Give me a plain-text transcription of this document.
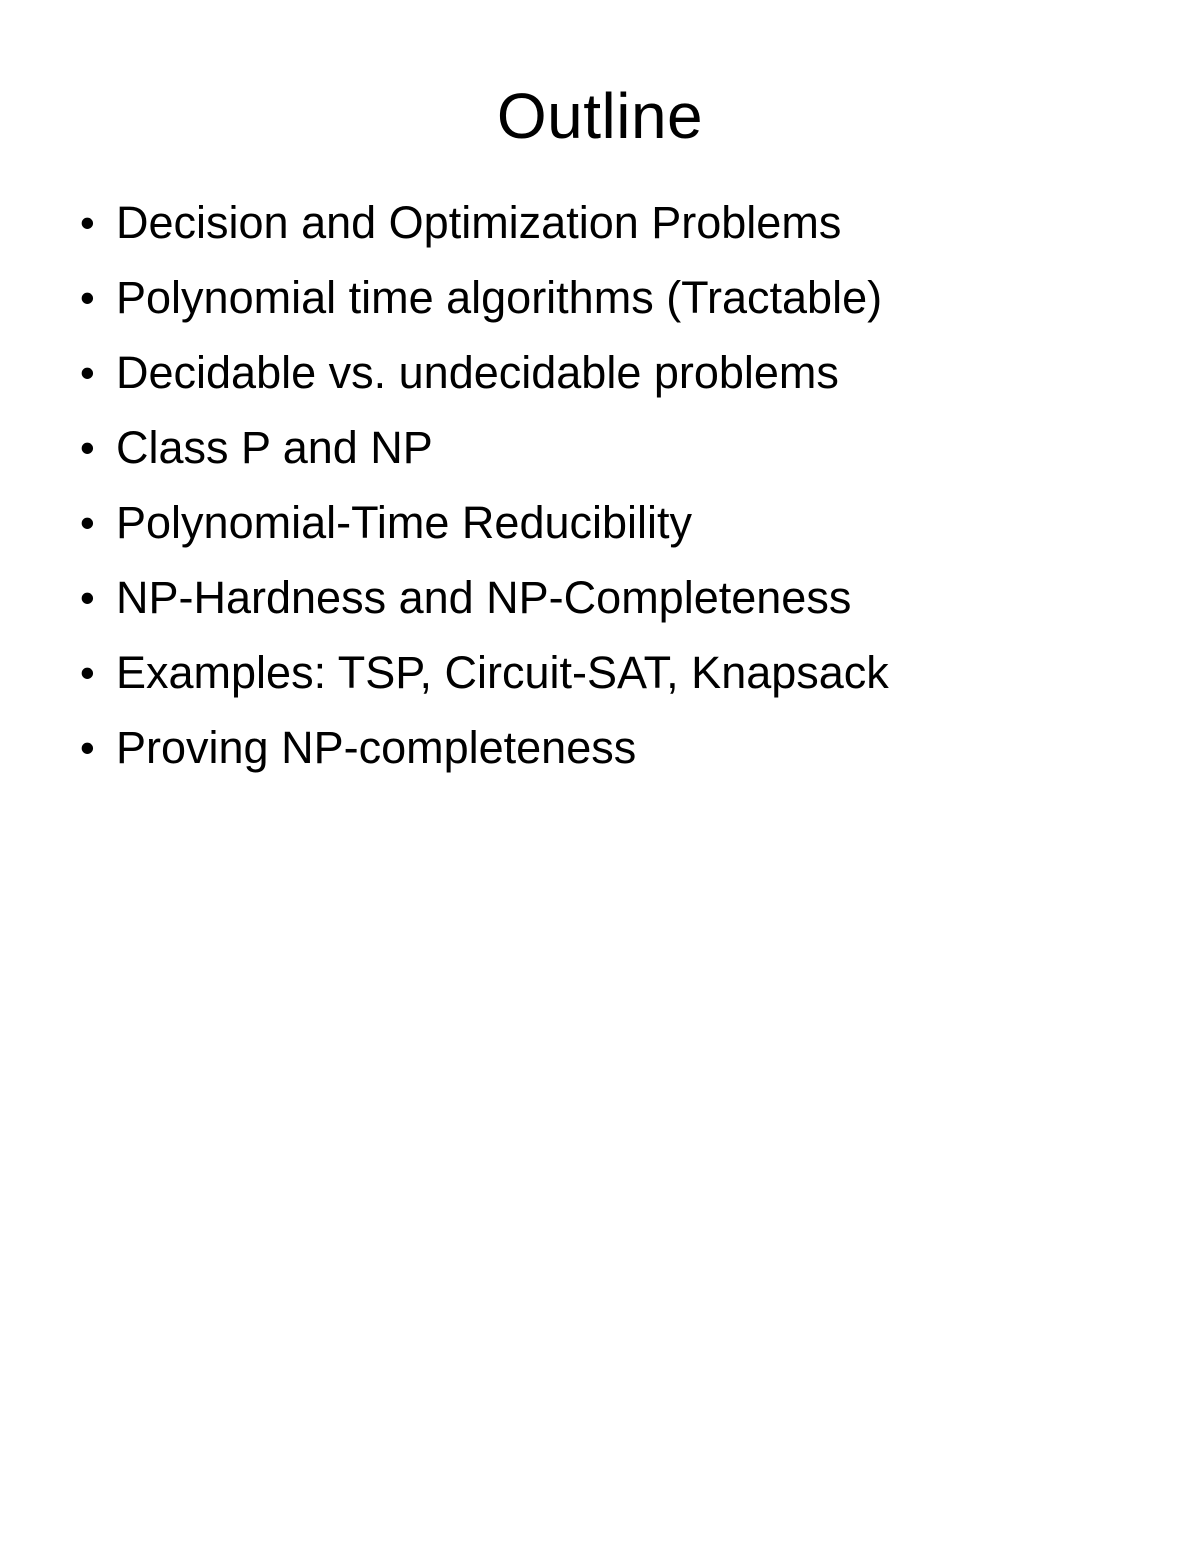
Outline
• Decision and Optimization Problems
• Polynomial time algorithms (Tractable)
• Decidable vs. undecidable problems
• Class P and NP
• Polynomial-Time Reducibility
• NP-Hardness and NP-Completeness
• Examples: TSP, Circuit-SAT, Knapsack
• Proving NP-completeness
